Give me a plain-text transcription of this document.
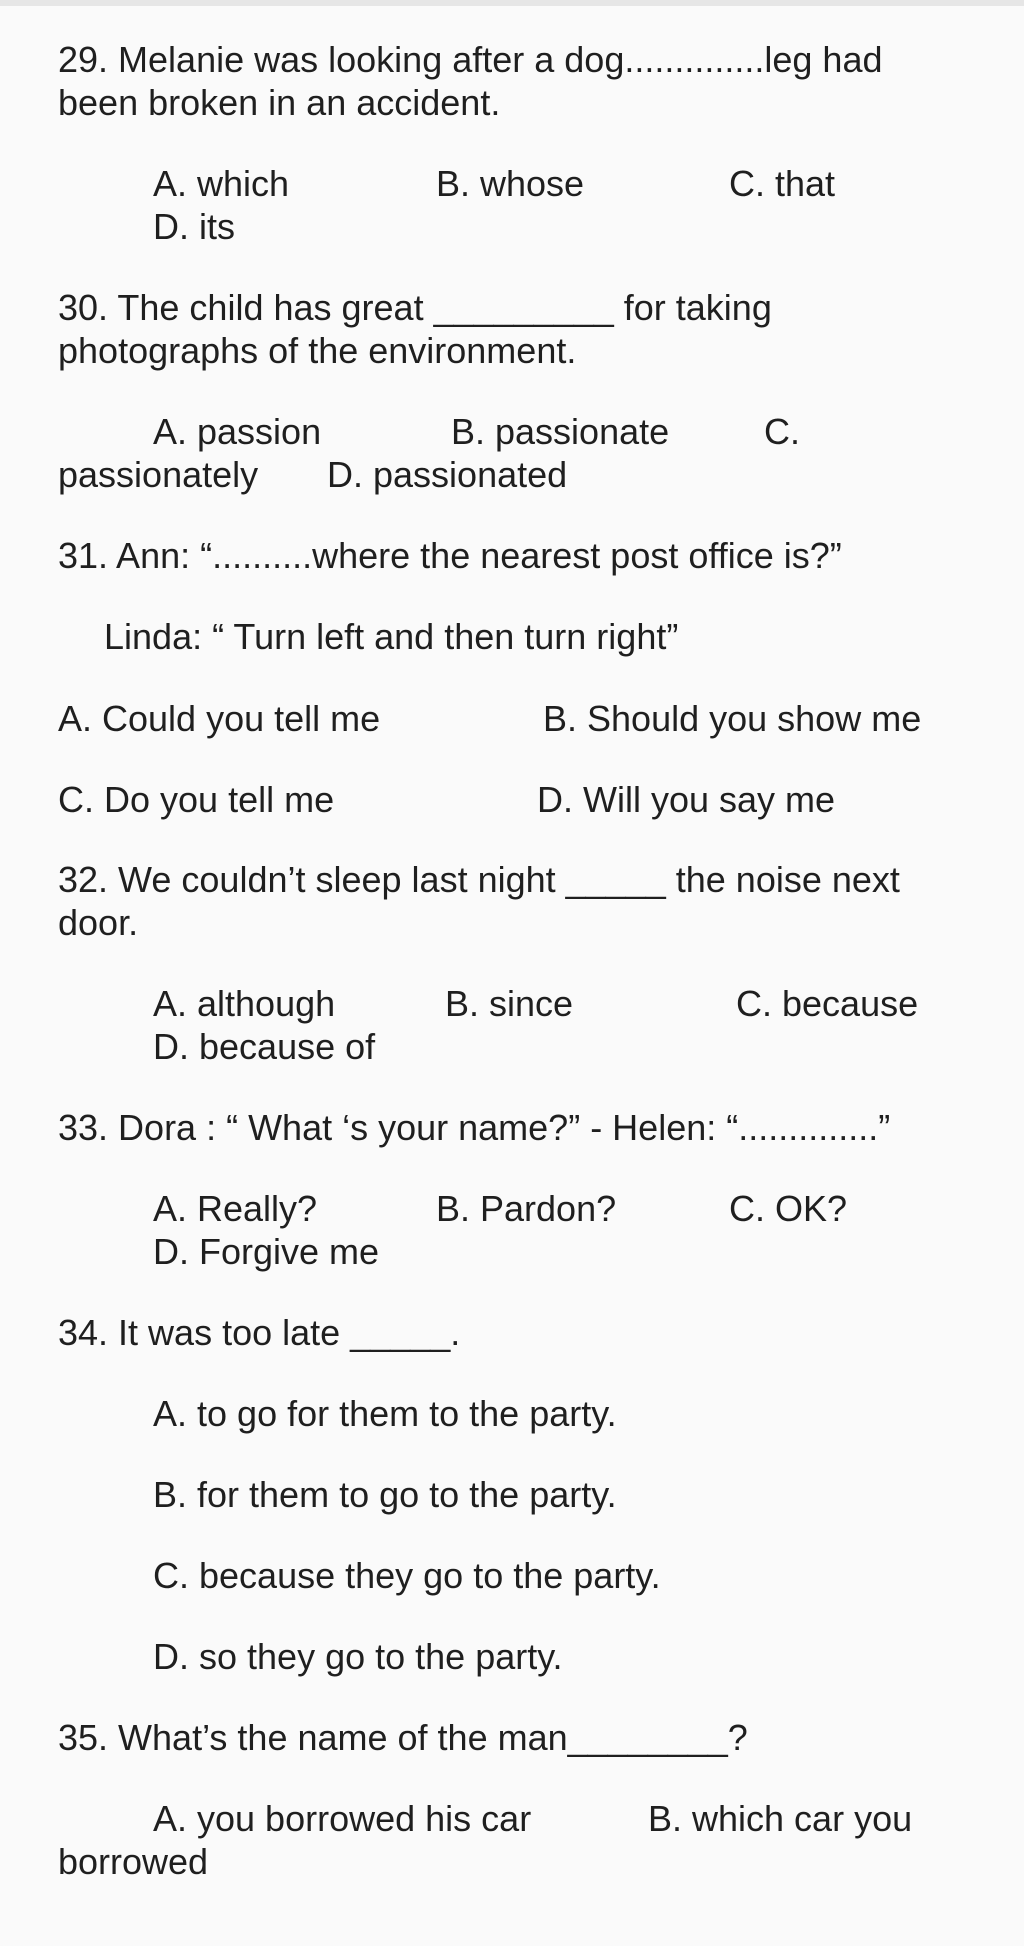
29. Melanie was looking after a dog..............leg had
been broken in an accident.
A. which	B. whose	C. that
D. its
30. The child has great _________ for taking
photographs of the environment.
A. passion	B. passionate	C.
passionately D. passionated
31. Ann: “..........where the nearest post office is?”
Linda: “ Turn left and then turn right”
A. Could you tell me	B. Should you show me
C. Do you tell me	D. Will you say me
32. We couldn’t sleep last night _____ the noise next
door.
A. although	B. since	C. because
D. because of
33. Dora : “ What ‘s your name?” - Helen: “..............”
A. Really?	B. Pardon?	C. OK?
D. Forgive me
34. It was too late _____.
A. to go for them to the party.
B. for them to go to the party.
C. because they go to the party.
D. so they go to the party.
35. What’s the name of the man________?
A. you borrowed his car	B. which car you
borrowed
